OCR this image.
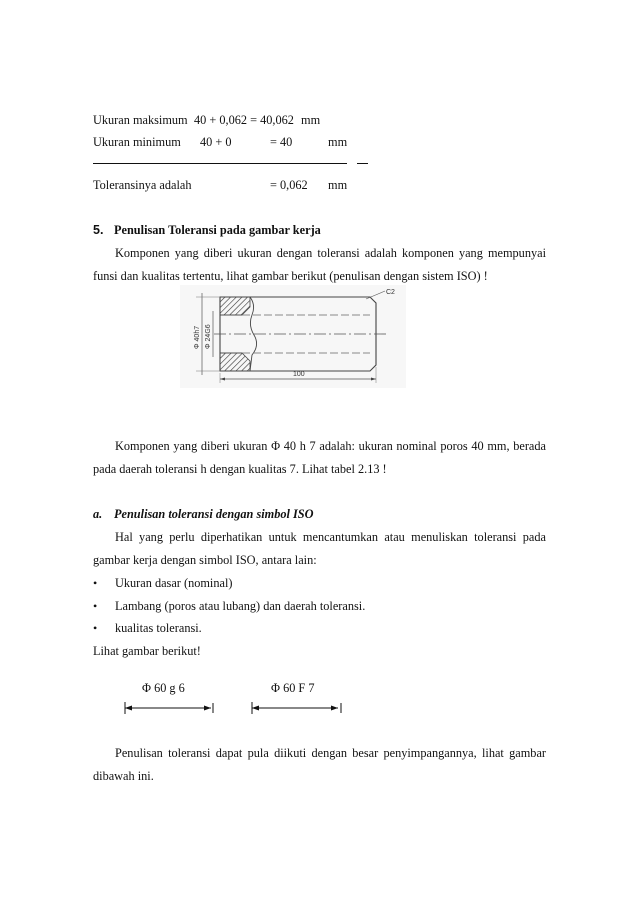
Ukuran maksimum 40 + 0,062 = 40,062 mm
Ukuran minimum 40 + 0	= 40	mm
Toleransinya adalah	= 0,062 mm
5. Penulisan Toleransi pada gambar kerja
Komponen yang diberi ukuran dengan toleransi adalah komponen yang mempunyai
funsi dan kualitas tertentu, lihat gambar berikut (penulisan dengan sistem ISO) !
Φ 40h7 Φ 24G6
C2
100
Komponen yang diberi ukuran Φ 40 h 7 adalah: ukuran nominal poros 40 mm, berada
pada daerah toleransi h dengan kualitas 7. Lihat tabel 2.13 !
a. Penulisan toleransi dengan simbol ISO
Hal yang perlu diperhatikan untuk mencantumkan atau menuliskan toleransi pada
gambar kerja dengan simbol ISO, antara lain:
• Ukuran dasar (nominal)
• Lambang (poros atau lubang) dan daerah toleransi.
• kualitas toleransi.
Lihat gambar berikut!
Φ 60 g 6	Φ 60 F 7
Penulisan toleransi dapat pula diikuti dengan besar penyimpangannya, lihat gambar
dibawah ini.
